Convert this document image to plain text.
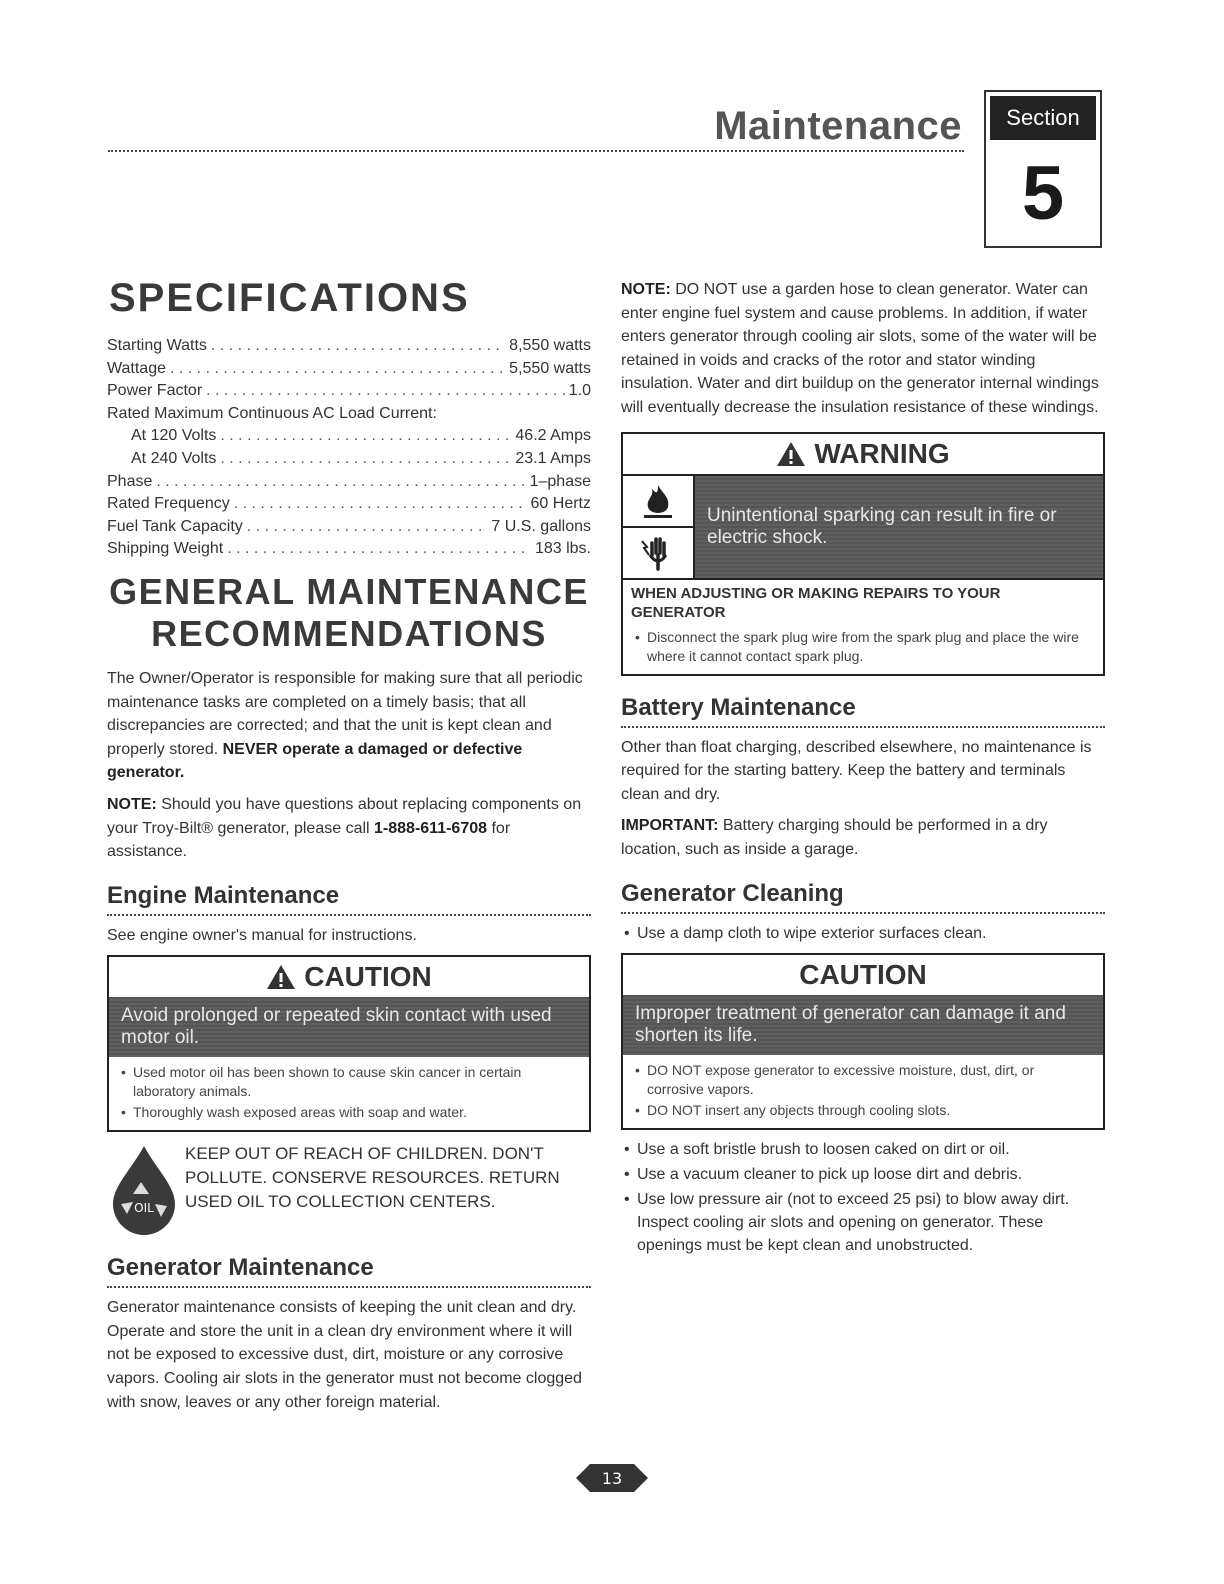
Maintenance	Section
5
SPECIFICATIONS
Starting Watts . . .	8,550 watts
Wattage . . .	5,550 watts
Power Factor . . .	1.0
Rated Maximum Continuous AC Load Current:
At 120 Volts . . .	46.2 Amps
At 240 Volts . . .	23.1 Amps
Phase . . .	1–phase
Rated Frequency . . .	60 Hertz
Fuel Tank Capacity . . .	7 U.S. gallons
Shipping Weight . . .	183 lbs.
GENERAL MAINTENANCE
RECOMMENDATIONS

The Owner/Operator is responsible for making sure that all periodic maintenance tasks are completed on a timely basis; that all discrepancies are corrected; and that the unit is kept clean and properly stored. NEVER operate a damaged or defective generator.

NOTE: Should you have questions about replacing components on your Troy-Bilt® generator, please call 1-888-611-6708 for assistance.

Engine Maintenance

See engine owner's manual for instructions.

CAUTION
Avoid prolonged or repeated skin contact with used motor oil.
• Used motor oil has been shown to cause skin cancer in certain laboratory animals.
• Thoroughly wash exposed areas with soap and water.
OIL
KEEP OUT OF REACH OF CHILDREN. DON'T POLLUTE. CONSERVE RESOURCES. RETURN USED OIL TO COLLECTION CENTERS.
Generator Maintenance

Generator maintenance consists of keeping the unit clean and dry. Operate and store the unit in a clean dry environment where it will not be exposed to excessive dust, dirt, moisture or any corrosive vapors. Cooling air slots in the generator must not become clogged with snow, leaves or any other foreign material.

NOTE: DO NOT use a garden hose to clean generator. Water can enter engine fuel system and cause problems. In addition, if water enters generator through cooling air slots, some of the water will be retained in voids and cracks of the rotor and stator winding insulation. Water and dirt buildup on the generator internal windings will eventually decrease the insulation resistance of these windings.

WARNING
Unintentional sparking can result in fire or electric shock.
WHEN ADJUSTING OR MAKING REPAIRS TO YOUR GENERATOR
• Disconnect the spark plug wire from the spark plug and place the wire where it cannot contact spark plug.
Battery Maintenance

Other than float charging, described elsewhere, no maintenance is required for the starting battery. Keep the battery and terminals clean and dry.

IMPORTANT: Battery charging should be performed in a dry location, such as inside a garage.

Generator Cleaning
• Use a damp cloth to wipe exterior surfaces clean.
CAUTION
Improper treatment of generator can damage it and shorten its life.
• DO NOT expose generator to excessive moisture, dust, dirt, or corrosive vapors.
• DO NOT insert any objects through cooling slots.
• Use a soft bristle brush to loosen caked on dirt or oil.
• Use a vacuum cleaner to pick up loose dirt and debris.
• Use low pressure air (not to exceed 25 psi) to blow away dirt. Inspect cooling air slots and opening on generator. These openings must be kept clean and unobstructed.
13
